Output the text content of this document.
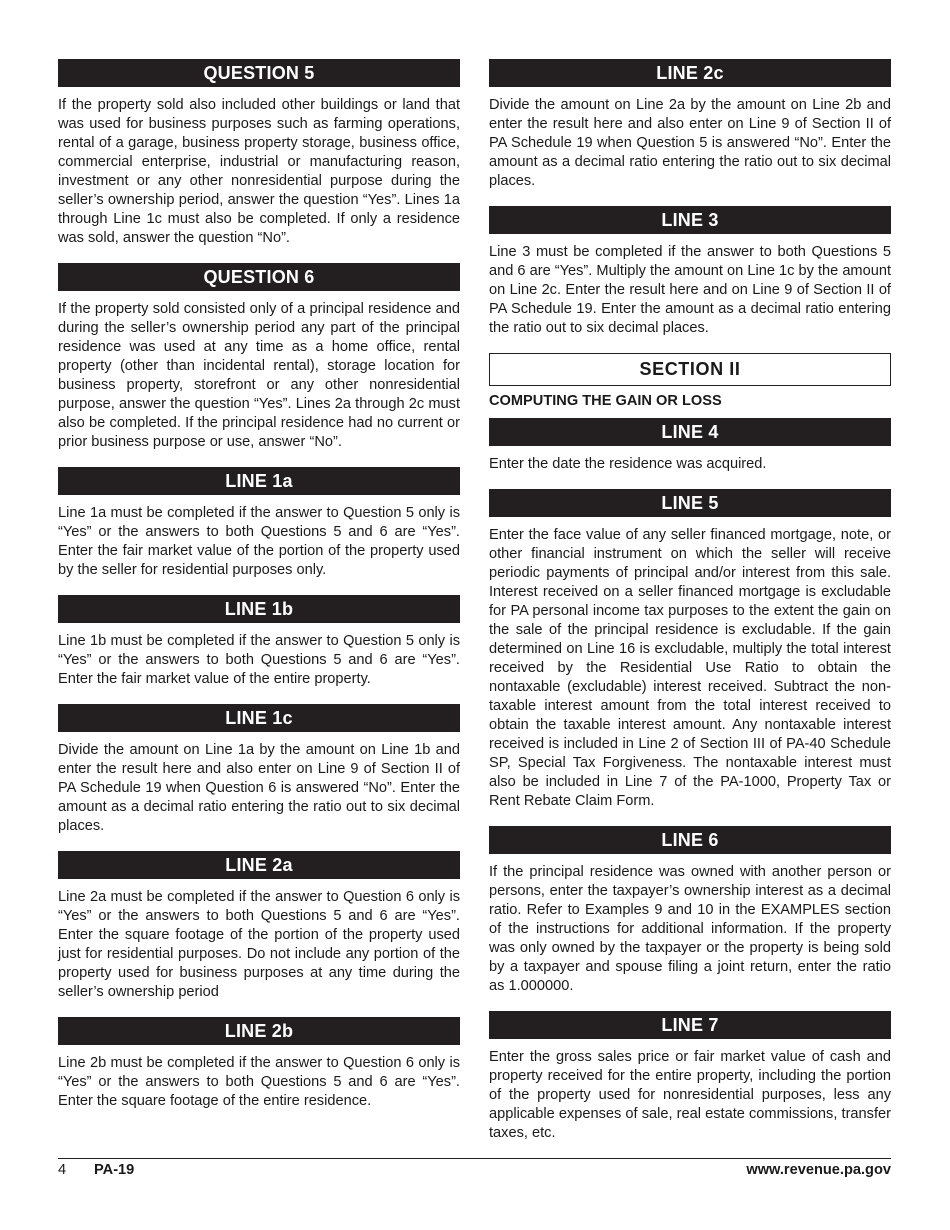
QUESTION 5
If the property sold also included other buildings or land that was used for business purposes such as farming operations, rental of a garage, business property storage, business office, commercial enterprise, industrial or manufacturing reason, investment or any other nonresidential purpose during the seller’s ownership period, answer the question “Yes”. Lines 1a through Line 1c must also be completed. If only a residence was sold, answer the question “No”.
QUESTION 6
If the property sold consisted only of a principal residence and during the seller’s ownership period any part of the principal residence was used at any time as a home office, rental property (other than incidental rental), storage location for business property, storefront or any other nonresidential purpose, answer the question “Yes”. Lines 2a through 2c must also be completed. If the principal residence had no current or prior business purpose or use, answer “No”.
LINE 1a
Line 1a must be completed if the answer to Question 5 only is “Yes” or the answers to both Questions 5 and 6 are “Yes”. Enter the fair market value of the portion of the property used by the seller for residential purposes only.
LINE 1b
Line 1b must be completed if the answer to Question 5 only is “Yes” or the answers to both Questions 5 and 6 are “Yes”. Enter the fair market value of the entire property.
LINE 1c
Divide the amount on Line 1a by the amount on Line 1b and enter the result here and also enter on Line 9 of Section II of PA Schedule 19 when Question 6 is answered “No”. Enter the amount as a decimal ratio entering the ratio out to six decimal places.
LINE 2a
Line 2a must be completed if the answer to Question 6 only is “Yes” or the answers to both Questions 5 and 6 are “Yes”. Enter the square footage of the portion of the property used just for residential purposes. Do not include any portion of the property used for business purposes at any time during the seller’s ownership period
LINE 2b
Line 2b must be completed if the answer to Question 6 only is “Yes” or the answers to both Questions 5 and 6 are “Yes”. Enter the square footage of the entire residence.
LINE 2c
Divide the amount on Line 2a by the amount on Line 2b and enter the result here and also enter on Line 9 of Section II of PA Schedule 19 when Question 5 is answered “No”. Enter the amount as a decimal ratio entering the ratio out to six decimal places.
LINE 3
Line 3 must be completed if the answer to both Questions 5 and 6 are “Yes”. Multiply the amount on Line 1c by the amount on Line 2c. Enter the result here and on Line 9 of Section II of PA Schedule 19. Enter the amount as a decimal ratio entering the ratio out to six decimal places.
SECTION II
COMPUTING THE GAIN OR LOSS
LINE 4
Enter the date the residence was acquired.
LINE 5
Enter the face value of any seller financed mortgage, note, or other financial instrument on which the seller will receive periodic payments of principal and/or interest from this sale. Interest received on a seller financed mortgage is excludable for PA personal income tax purposes to the extent the gain on the sale of the principal residence is excludable. If the gain determined on Line 16 is excludable, multiply the total interest received by the Residential Use Ratio to obtain the nontaxable (excludable) interest received. Subtract the non-taxable interest amount from the total interest received to obtain the taxable interest amount. Any nontaxable interest received is included in Line 2 of Section III of PA-40 Schedule SP, Special Tax Forgiveness. The nontaxable interest must also be included in Line 7 of the PA-1000, Property Tax or Rent Rebate Claim Form.
LINE 6
If the principal residence was owned with another person or persons, enter the taxpayer’s ownership interest as a decimal ratio. Refer to Examples 9 and 10 in the EXAMPLES section of the instructions for additional information. If the property was only owned by the taxpayer or the property is being sold by a taxpayer and spouse filing a joint return, enter the ratio as 1.000000.
LINE 7
Enter the gross sales price or fair market value of cash and property received for the entire property, including the portion of the property used for nonresidential purposes, less any applicable expenses of sale, real estate commissions, transfer taxes, etc.
4 PA-19	www.revenue.pa.gov
